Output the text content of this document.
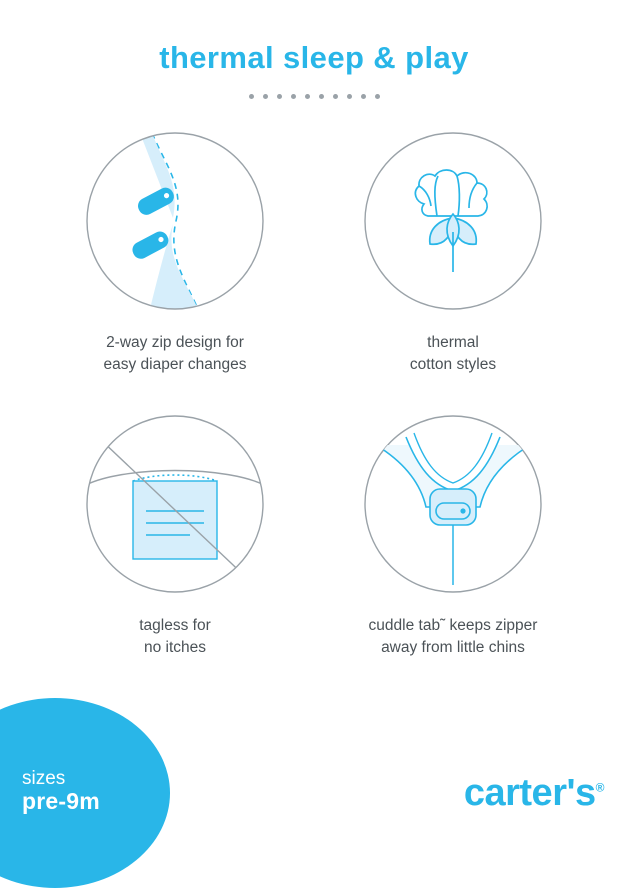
thermal sleep & play
2-way zip design for
easy diaper changes
thermal
cotton styles
tagless for
no itches
cuddle tab˜ keeps zipper
away from little chins
sizes
pre-9m	carter's®
